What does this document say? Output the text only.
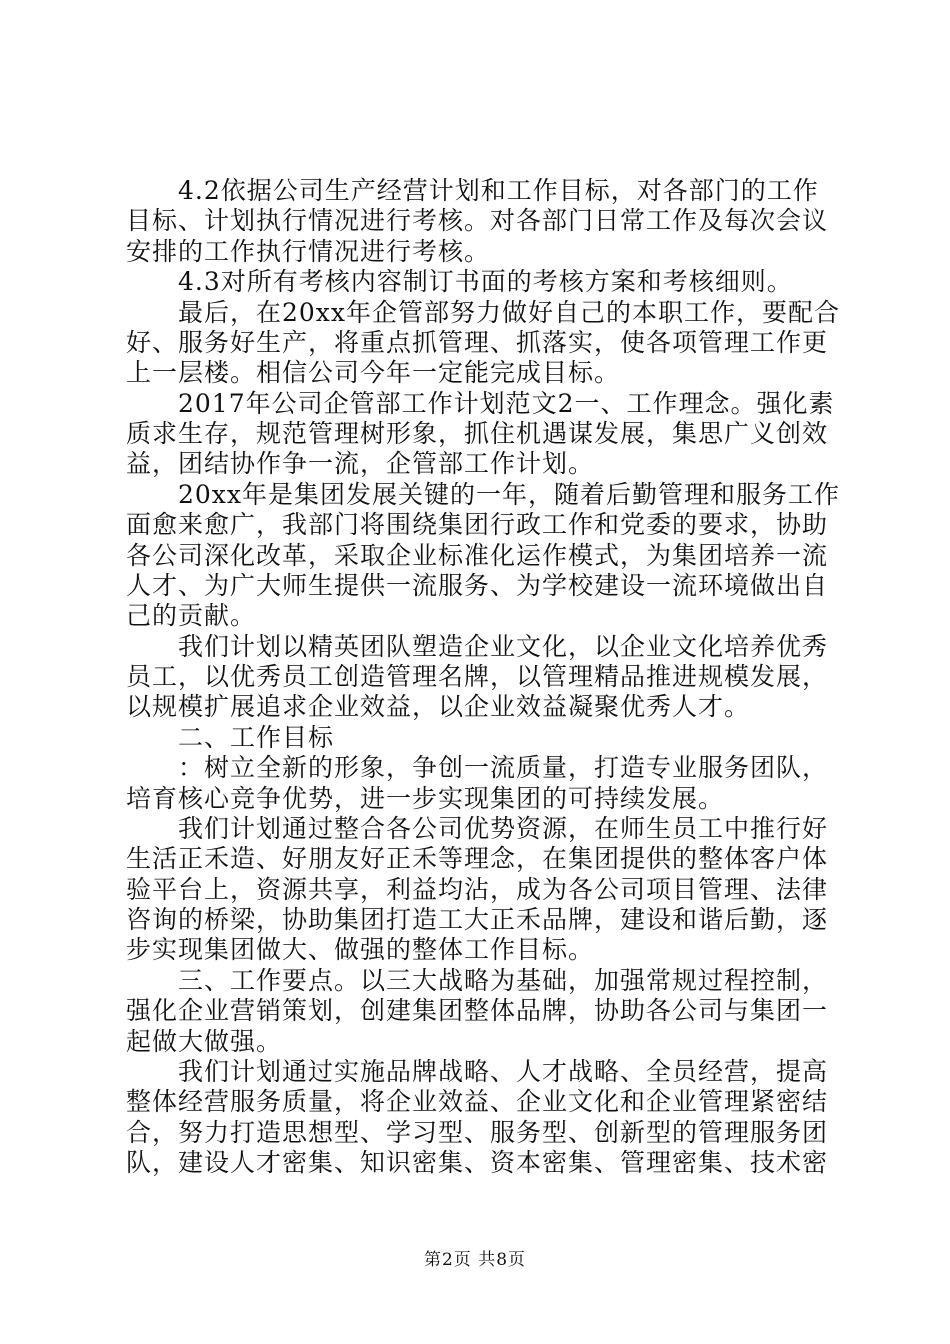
4.2依据公司生产经营计划和工作目标，对各部门的工作
目标、计划执行情况进行考核。对各部门日常工作及每次会议
安排的工作执行情况进行考核。
4.3对所有考核内容制订书面的考核方案和考核细则。
最后，在20xx年企管部努力做好自己的本职工作，要配合
好、服务好生产，将重点抓管理、抓落实，使各项管理工作更
上一层楼。相信公司今年一定能完成目标。
2017年公司企管部工作计划范文2一、工作理念。强化素
质求生存，规范管理树形象，抓住机遇谋发展，集思广义创效
益，团结协作争一流，企管部工作计划。
20xx年是集团发展关键的一年，随着后勤管理和服务工作
面愈来愈广，我部门将围绕集团行政工作和党委的要求，协助
各公司深化改革，采取企业标准化运作模式，为集团培养一流
人才、为广大师生提供一流服务、为学校建设一流环境做出自
己的贡献。
我们计划以精英团队塑造企业文化，以企业文化培养优秀
员工，以优秀员工创造管理名牌，以管理精品推进规模发展，
以规模扩展追求企业效益，以企业效益凝聚优秀人才。
二、工作目标
：树立全新的形象，争创一流质量，打造专业服务团队，
培育核心竞争优势，进一步实现集团的可持续发展。
我们计划通过整合各公司优势资源，在师生员工中推行好
生活正禾造、好朋友好正禾等理念，在集团提供的整体客户体
验平台上，资源共享，利益均沾，成为各公司项目管理、法律
咨询的桥梁，协助集团打造工大正禾品牌，建设和谐后勤，逐
步实现集团做大、做强的整体工作目标。
三、工作要点。以三大战略为基础，加强常规过程控制，
强化企业营销策划，创建集团整体品牌，协助各公司与集团一
起做大做强。
我们计划通过实施品牌战略、人才战略、全员经营，提高
整体经营服务质量，将企业效益、企业文化和企业管理紧密结
合，努力打造思想型、学习型、服务型、创新型的管理服务团
队，建设人才密集、知识密集、资本密集、管理密集、技术密
第2页 共8页
